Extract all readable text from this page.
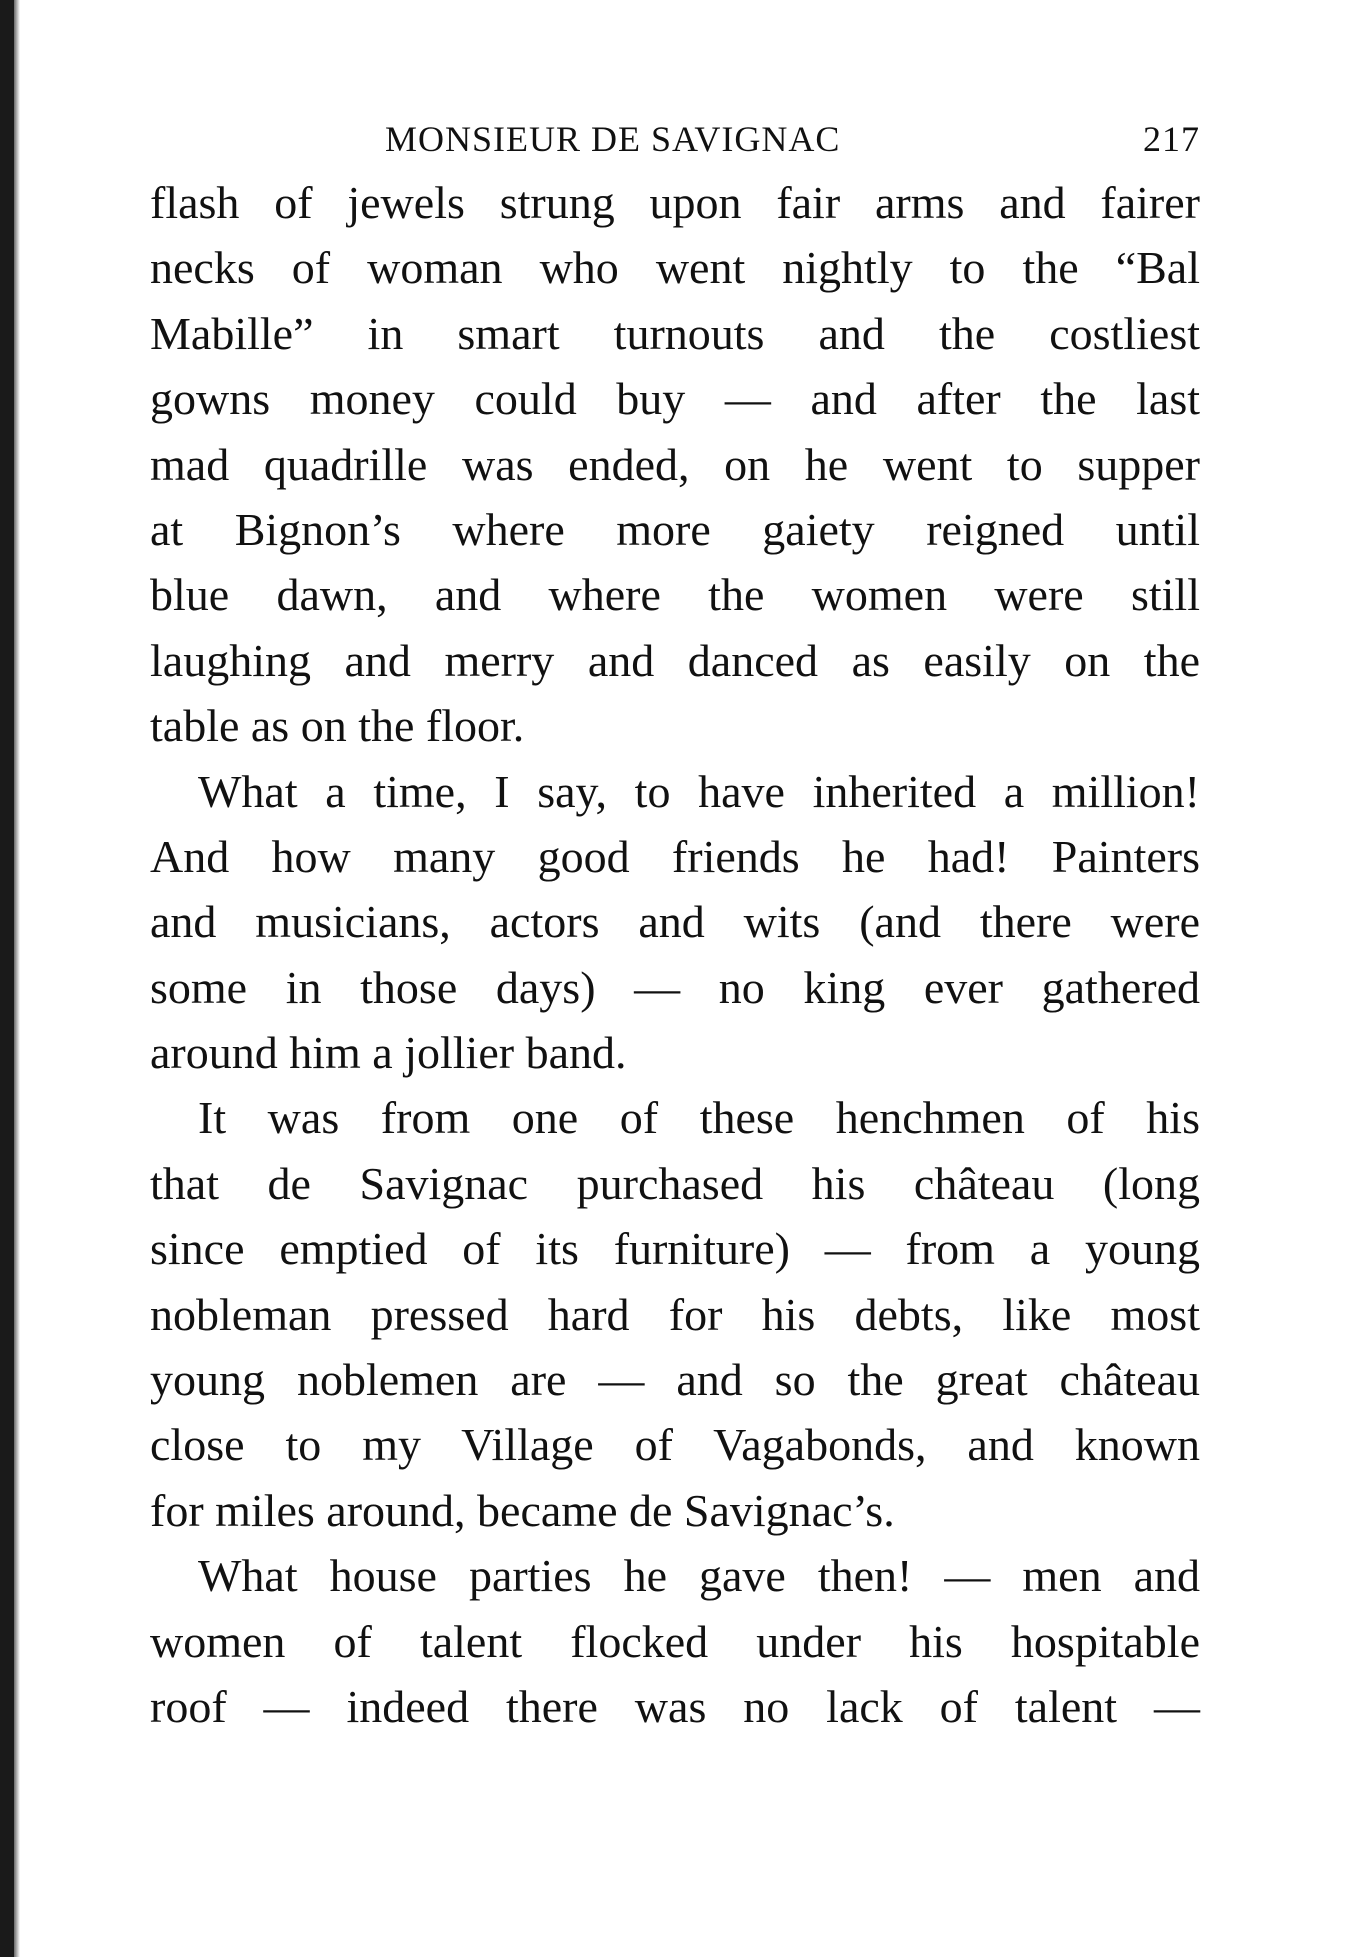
MONSIEUR DE SAVIGNAC	217
flash of jewels strung upon fair arms and fairer
necks of woman who went nightly to the “Bal
Mabille” in smart turnouts and the costliest
gowns money could buy — and after the last
mad quadrille was ended, on he went to supper
at Bignon’s where more gaiety reigned until
blue dawn, and where the women were still
laughing and merry and danced as easily on the
table as on the floor.
What a time, I say, to have inherited a million!
And how many good friends he had! Painters
and musicians, actors and wits (and there were
some in those days) — no king ever gathered
around him a jollier band.
It was from one of these henchmen of his
that de Savignac purchased his château (long
since emptied of its furniture) — from a young
nobleman pressed hard for his debts, like most
young noblemen are — and so the great château
close to my Village of Vagabonds, and known
for miles around, became de Savignac’s.
What house parties he gave then! — men and
women of talent flocked under his hospitable
roof — indeed there was no lack of talent —
